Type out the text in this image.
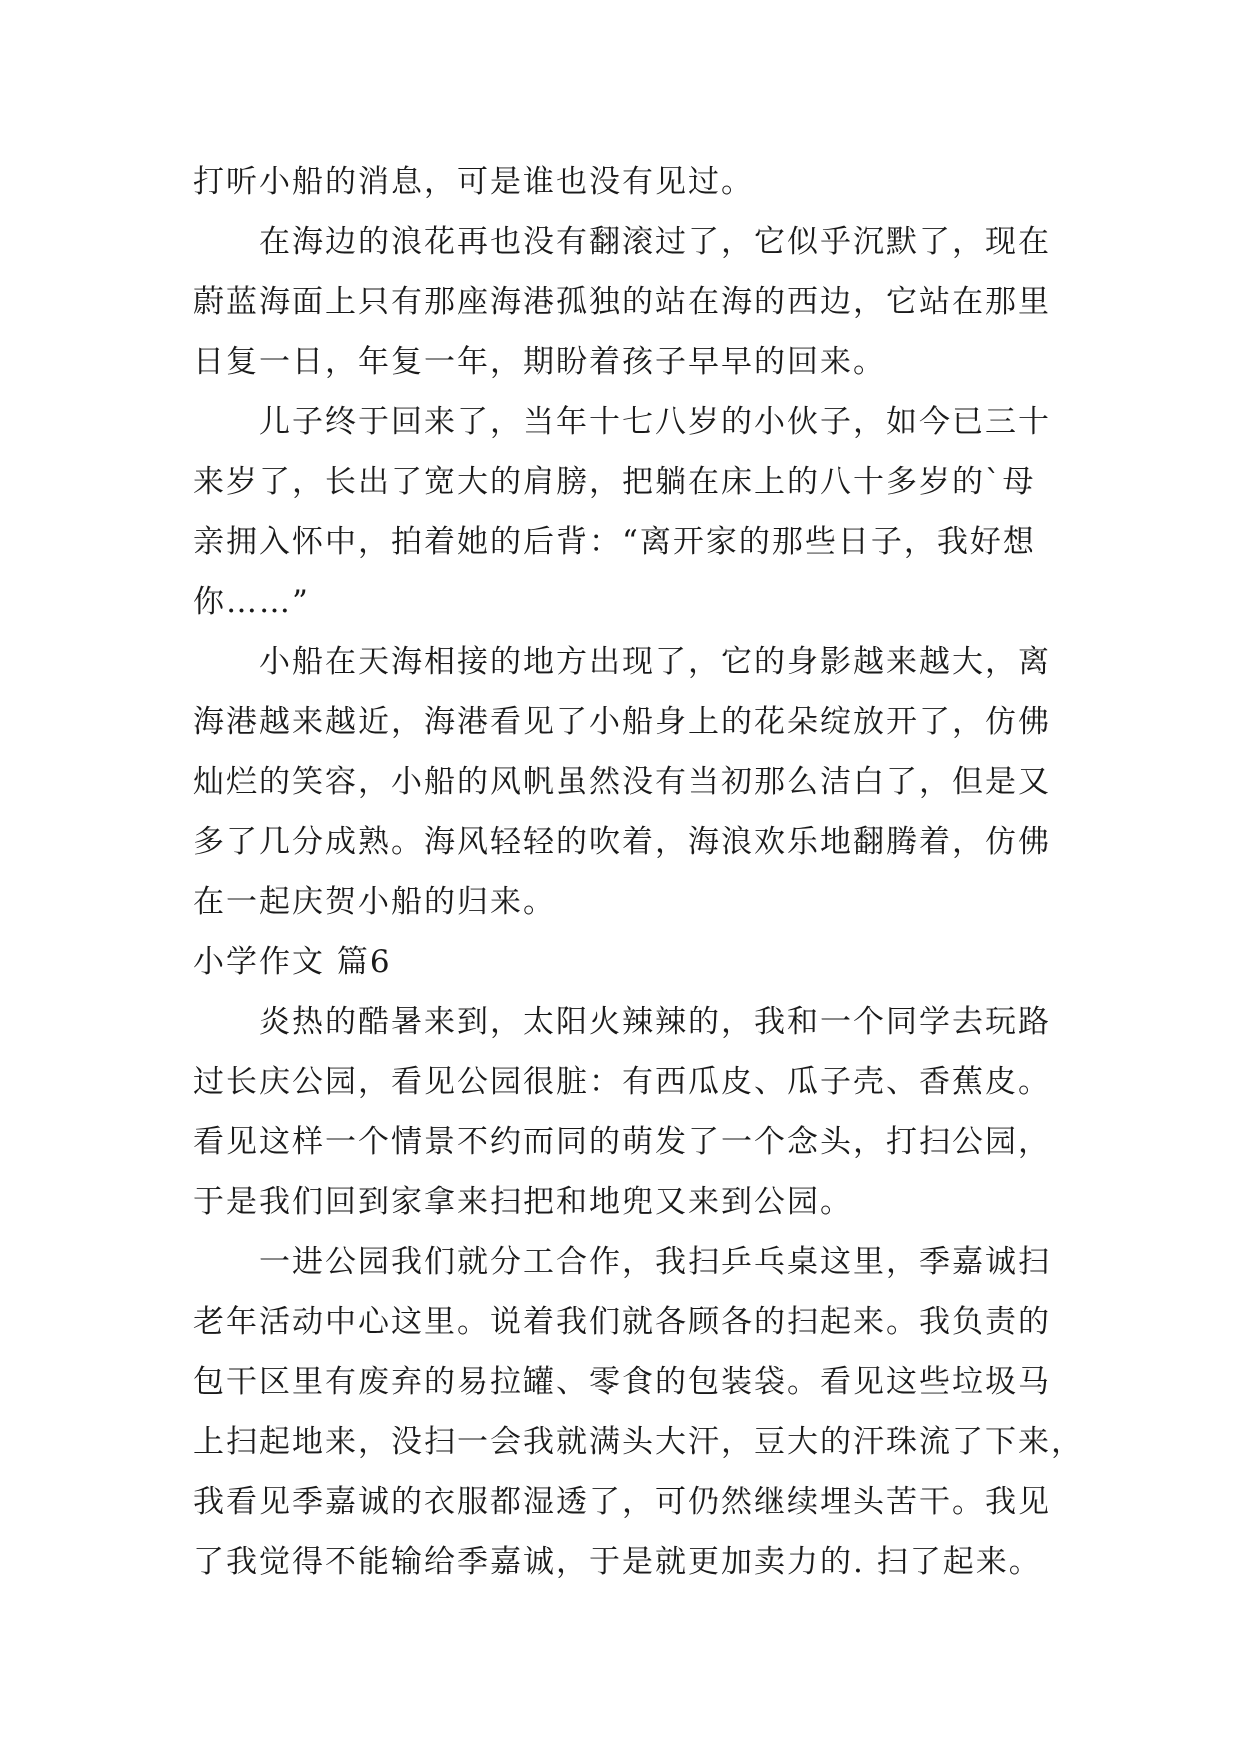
打听小船的消息，可是谁也没有见过。
在海边的浪花再也没有翻滚过了，它似乎沉默了，现在
蔚蓝海面上只有那座海港孤独的站在海的西边，它站在那里
日复一日，年复一年，期盼着孩子早早的回来。
儿子终于回来了，当年十七八岁的小伙子，如今已三十
来岁了，长出了宽大的肩膀，把躺在床上的八十多岁的`母
亲拥入怀中，拍着她的后背：“离开家的那些日子，我好想
你……”
小船在天海相接的地方出现了，它的身影越来越大，离
海港越来越近，海港看见了小船身上的花朵绽放开了，仿佛
灿烂的笑容，小船的风帆虽然没有当初那么洁白了，但是又
多了几分成熟。海风轻轻的吹着，海浪欢乐地翻腾着，仿佛
在一起庆贺小船的归来。
小学作文 篇6
炎热的酷暑来到，太阳火辣辣的，我和一个同学去玩路
过长庆公园，看见公园很脏：有西瓜皮、瓜子壳、香蕉皮。
看见这样一个情景不约而同的萌发了一个念头，打扫公园，
于是我们回到家拿来扫把和地兜又来到公园。
一进公园我们就分工合作，我扫乒乓桌这里，季嘉诚扫
老年活动中心这里。说着我们就各顾各的扫起来。我负责的
包干区里有废弃的易拉罐、零食的包装袋。看见这些垃圾马
上扫起地来，没扫一会我就满头大汗，豆大的汗珠流了下来，
我看见季嘉诚的衣服都湿透了，可仍然继续埋头苦干。我见
了我觉得不能输给季嘉诚，于是就更加卖力的. 扫了起来。
